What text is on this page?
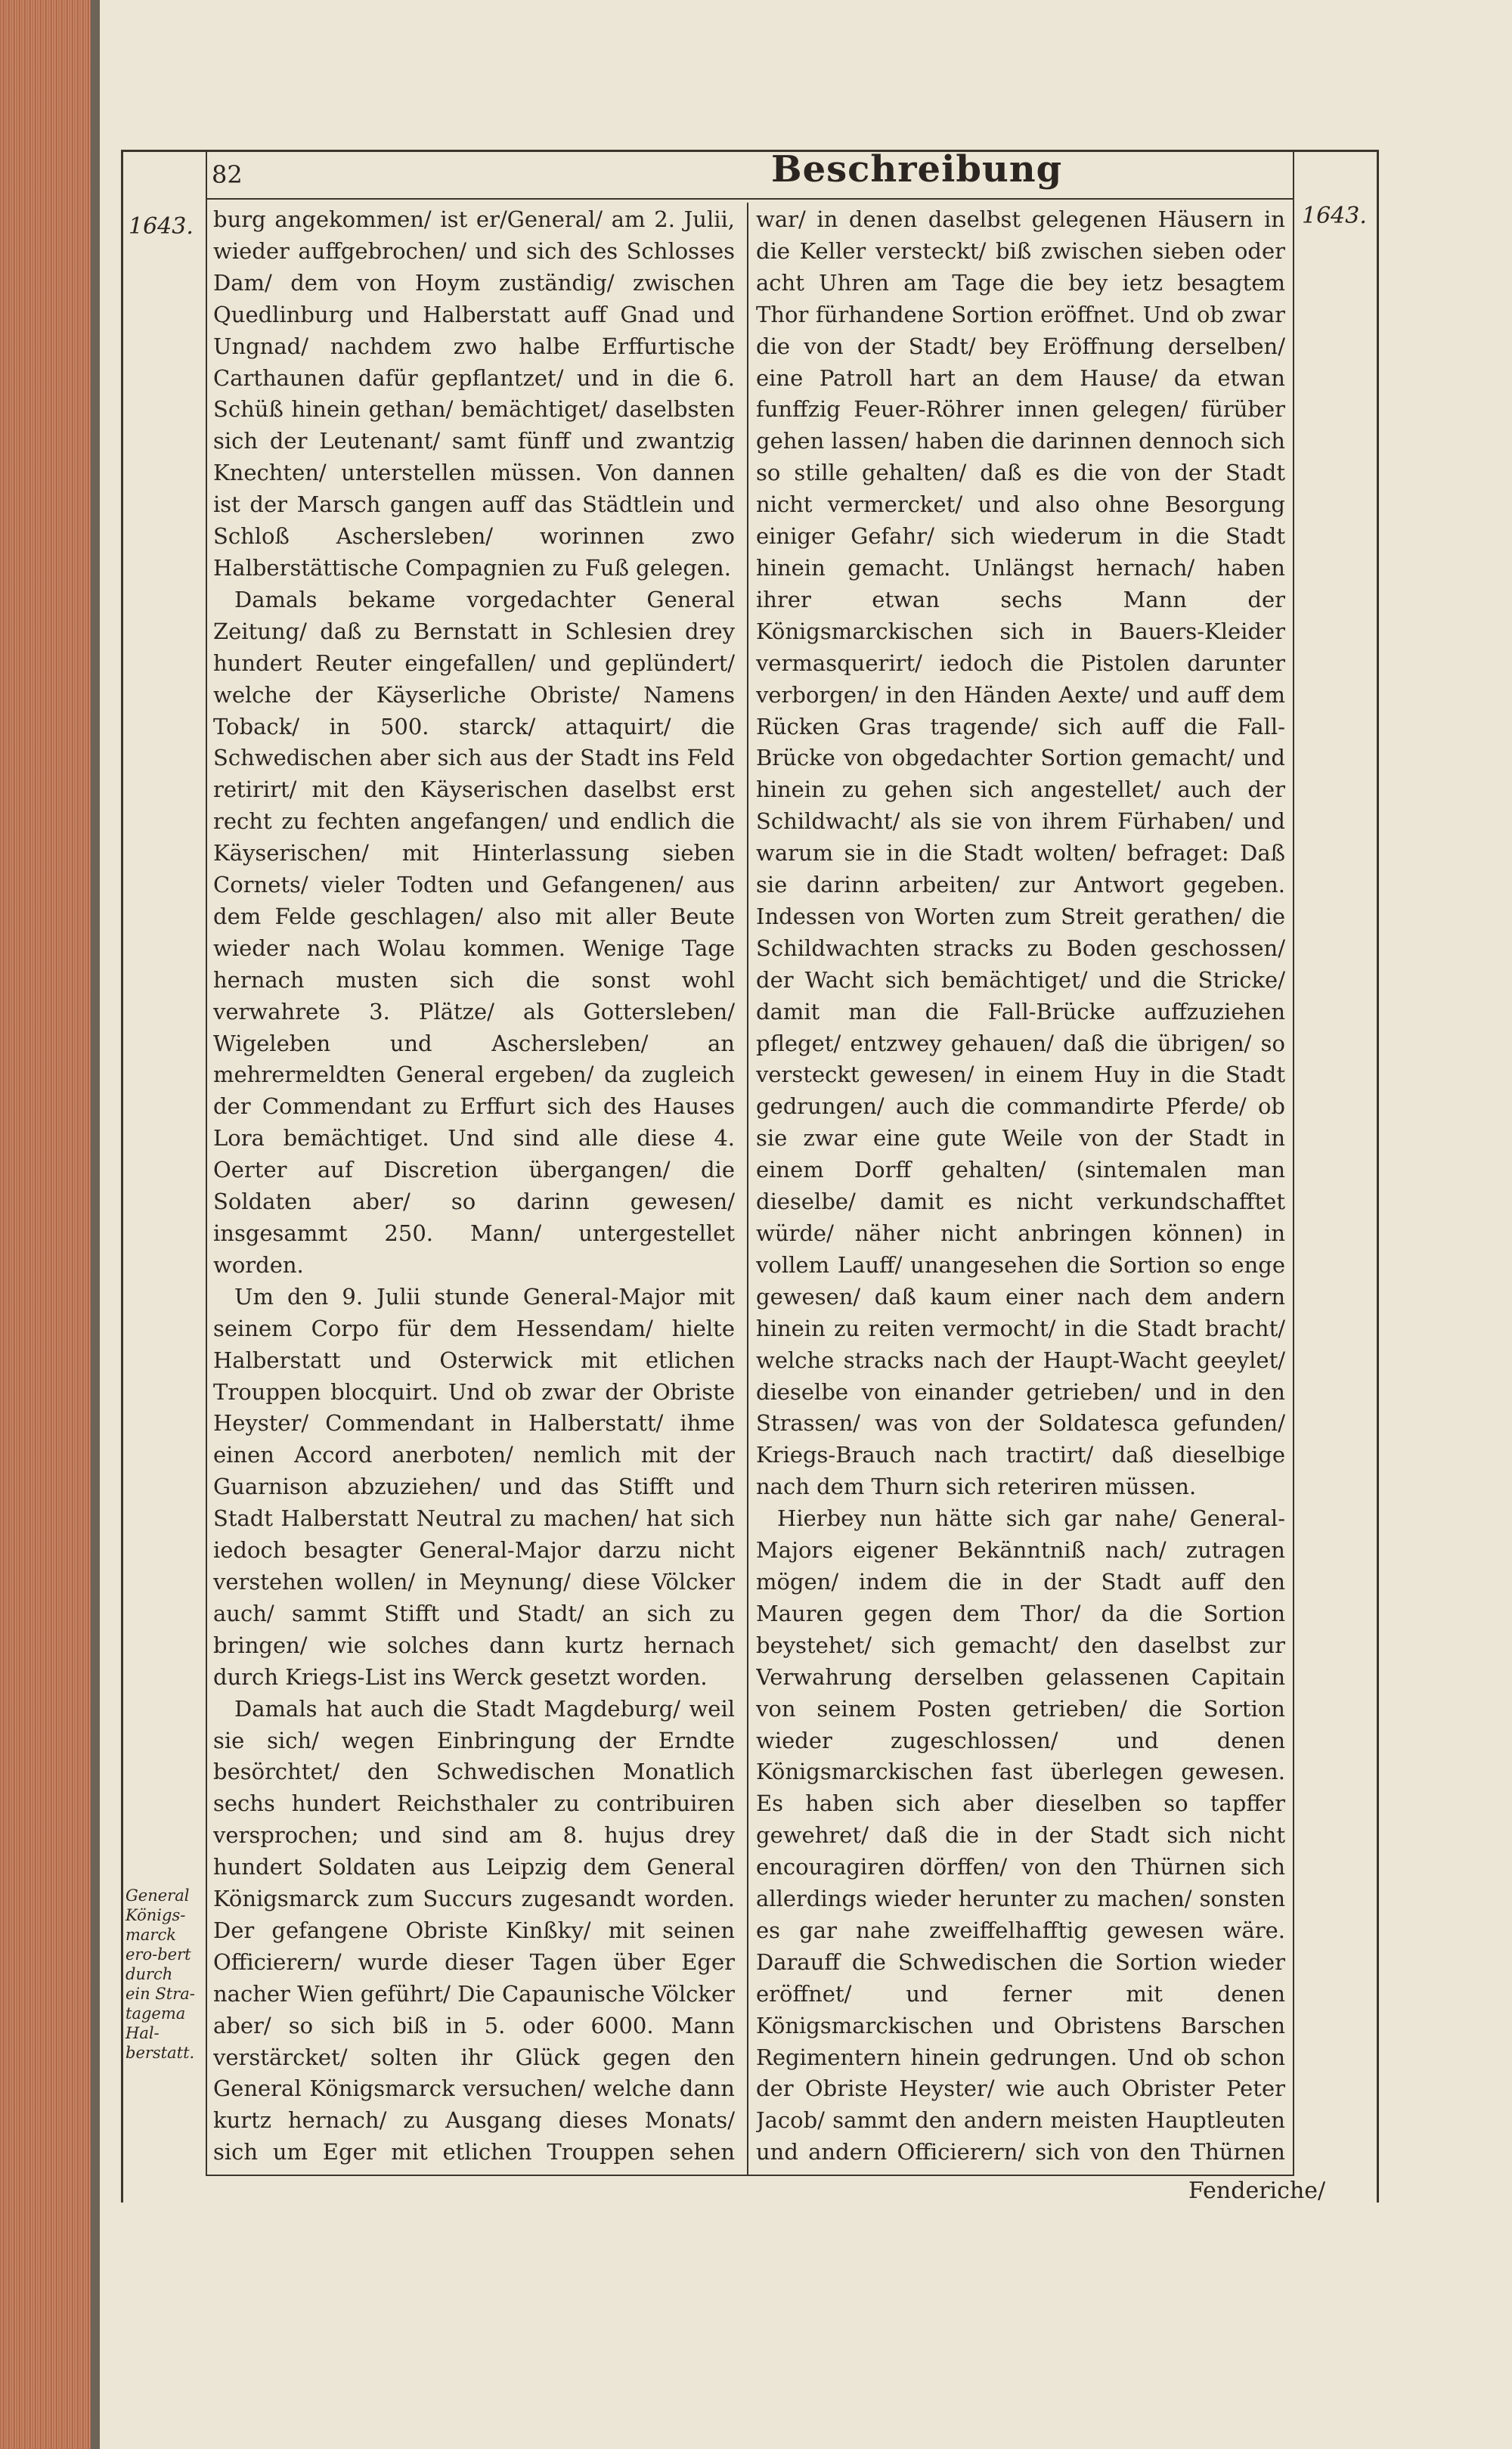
82	Beschreibung
1643.	1643.

burg angekommen/ ist er/General/ am 2. Julii, wieder auffgebrochen/ und sich des Schlosses Dam/ dem von Hoym zuständig/ zwischen Quedlinburg und Halberstatt auff Gnad und Ungnad/ nachdem zwo halbe Erffurtische Carthaunen dafür gepflantzet/ und in die 6. Schüß hinein gethan/ bemächtiget/ daselbsten sich der Leutenant/ samt fünff und zwantzig Knechten/ unterstellen müssen. Von dannen ist der Marsch gangen auff das Städtlein und Schloß Aschersleben/ worinnen zwo Halberstättische Compagnien zu Fuß gelegen.

Damals bekame vorgedachter General Zeitung/ daß zu Bernstatt in Schlesien drey hundert Reuter eingefallen/ und geplündert/ welche der Käyserliche Obriste/ Namens Toback/ in 500. starck/ attaquirt/ die Schwedischen aber sich aus der Stadt ins Feld retirirt/ mit den Käyserischen daselbst erst recht zu fechten angefangen/ und endlich die Käyserischen/ mit Hinterlassung sieben Cornets/ vieler Todten und Gefangenen/ aus dem Felde geschlagen/ also mit aller Beute wieder nach Wolau kommen. Wenige Tage hernach musten sich die sonst wohl verwahrete 3. Plätze/ als Gottersleben/ Wigeleben und Aschersleben/ an mehrermeldten General ergeben/ da zugleich der Commendant zu Erffurt sich des Hauses Lora bemächtiget. Und sind alle diese 4. Oerter auf Discretion übergangen/ die Soldaten aber/ so darinn gewesen/ insgesammt 250. Mann/ untergestellet worden.

Um den 9. Julii stunde General-Major mit seinem Corpo für dem Hessendam/ hielte Halberstatt und Osterwick mit etlichen Trouppen blocquirt. Und ob zwar der Obriste Heyster/ Commendant in Halberstatt/ ihme einen Accord anerboten/ nemlich mit der Guarnison abzuziehen/ und das Stifft und Stadt Halberstatt Neutral zu machen/ hat sich iedoch besagter General-Major darzu nicht verstehen wollen/ in Meynung/ diese Völcker auch/ sammt Stifft und Stadt/ an sich zu bringen/ wie solches dann kurtz hernach durch Kriegs-List ins Werck gesetzt worden.

Damals hat auch die Stadt Magdeburg/ weil sie sich/ wegen Einbringung der Erndte besörchtet/ den Schwedischen Monatlich sechs hundert Reichsthaler zu contribuiren versprochen; und sind am 8. hujus drey hundert Soldaten aus Leipzig dem General Königsmarck zum Succurs zugesandt worden. Der gefangene Obriste Kinßky/ mit seinen Officierern/ wurde dieser Tagen über Eger nacher Wien geführt/ Die Capaunische Völcker aber/ so sich biß in 5. oder 6000. Mann verstärcket/ solten ihr Glück gegen den General Königsmarck versuchen/ welche dann kurtz hernach/ zu Ausgang dieses Monats/ sich um Eger mit etlichen Trouppen sehen

war/ in denen daselbst gelegenen Häusern in die Keller versteckt/ biß zwischen sieben oder acht Uhren am Tage die bey ietz besagtem Thor fürhandene Sortion eröffnet. Und ob zwar die von der Stadt/ bey Eröffnung derselben/ eine Patroll hart an dem Hause/ da etwan funffzig Feuer-Röhrer innen gelegen/ fürüber gehen lassen/ haben die darinnen dennoch sich so stille gehalten/ daß es die von der Stadt nicht vermercket/ und also ohne Besorgung einiger Gefahr/ sich wiederum in die Stadt hinein gemacht. Unlängst hernach/ haben ihrer etwan sechs Mann der Königsmarckischen sich in Bauers-Kleider vermasquerirt/ iedoch die Pistolen darunter verborgen/ in den Händen Aexte/ und auff dem Rücken Gras tragende/ sich auff die Fall-Brücke von obgedachter Sortion gemacht/ und hinein zu gehen sich angestellet/ auch der Schildwacht/ als sie von ihrem Fürhaben/ und warum sie in die Stadt wolten/ befraget: Daß sie darinn arbeiten/ zur Antwort gegeben. Indessen von Worten zum Streit gerathen/ die Schildwachten stracks zu Boden geschossen/ der Wacht sich bemächtiget/ und die Stricke/ damit man die Fall-Brücke auffzuziehen pfleget/ entzwey gehauen/ daß die übrigen/ so versteckt gewesen/ in einem Huy in die Stadt gedrungen/ auch die commandirte Pferde/ ob sie zwar eine gute Weile von der Stadt in einem Dorff gehalten/ (sintemalen man dieselbe/ damit es nicht verkundschafftet würde/ näher nicht anbringen können) in vollem Lauff/ unangesehen die Sortion so enge gewesen/ daß kaum einer nach dem andern hinein zu reiten vermocht/ in die Stadt bracht/ welche stracks nach der Haupt-Wacht geeylet/ dieselbe von einander getrieben/ und in den Strassen/ was von der Soldatesca gefunden/ Kriegs-Brauch nach tractirt/ daß dieselbige nach dem Thurn sich reteriren müssen.

Hierbey nun hätte sich gar nahe/ General-Majors eigener Bekänntniß nach/ zutragen mögen/ indem die in der Stadt auff den Mauren gegen dem Thor/ da die Sortion beystehet/ sich gemacht/ den daselbst zur Verwahrung derselben gelassenen Capitain von seinem Posten getrieben/ die Sortion wieder zugeschlossen/ und denen Königsmarckischen fast überlegen gewesen. Es haben sich aber dieselben so tapffer gewehret/ daß die in der Stadt sich nicht encouragiren dörffen/ von den Thürnen sich allerdings wieder herunter zu machen/ sonsten es gar nahe zweiffelhafftig gewesen wäre. Darauff die Schwedischen die Sortion wieder eröffnet/ und ferner mit denen Königsmarckischen und Obristens Barschen Regimentern hinein gedrungen. Und ob schon der Obriste Heyster/ wie auch Obrister Peter Jacob/ sammt den andern meisten Hauptleuten und andern Officierern/ sich von den Thürnen

General Königs-marck ero-bert durch ein Stra-tagema Hal-berstatt.
Fenderiche/
